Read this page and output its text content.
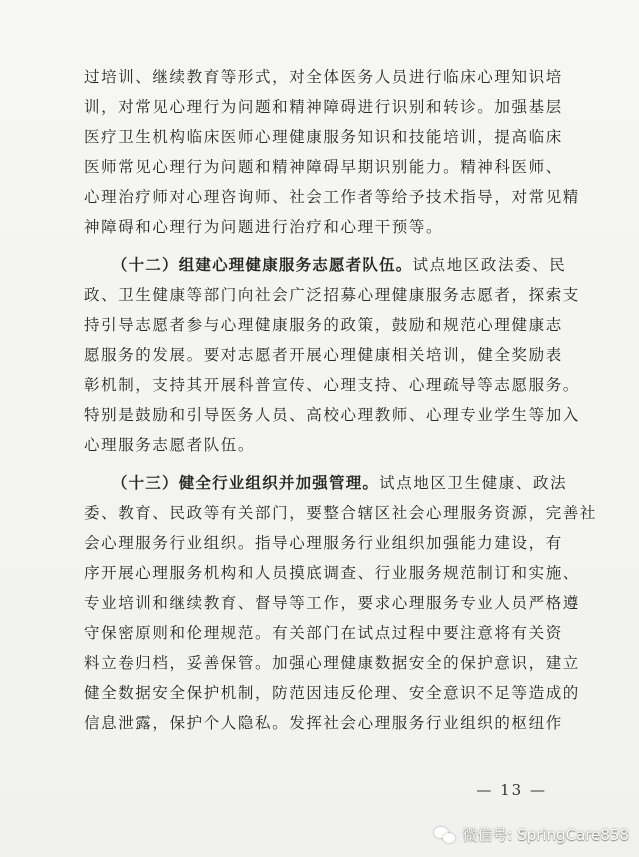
过培训、继续教育等形式，对全体医务人员进行临床心理知识培
训，对常见心理行为问题和精神障碍进行识别和转诊。加强基层
医疗卫生机构临床医师心理健康服务知识和技能培训，提高临床
医师常见心理行为问题和精神障碍早期识别能力。精神科医师、
心理治疗师对心理咨询师、社会工作者等给予技术指导，对常见精
神障碍和心理行为问题进行治疗和心理干预等。
（十二）组建心理健康服务志愿者队伍。试点地区政法委、民
政、卫生健康等部门向社会广泛招募心理健康服务志愿者，探索支
持引导志愿者参与心理健康服务的政策，鼓励和规范心理健康志
愿服务的发展。要对志愿者开展心理健康相关培训，健全奖励表
彰机制，支持其开展科普宣传、心理支持、心理疏导等志愿服务。
特别是鼓励和引导医务人员、高校心理教师、心理专业学生等加入
心理服务志愿者队伍。
（十三）健全行业组织并加强管理。试点地区卫生健康、政法
委、教育、民政等有关部门，要整合辖区社会心理服务资源，完善社
会心理服务行业组织。指导心理服务行业组织加强能力建设，有
序开展心理服务机构和人员摸底调查、行业服务规范制订和实施、
专业培训和继续教育、督导等工作，要求心理服务专业人员严格遵
守保密原则和伦理规范。有关部门在试点过程中要注意将有关资
料立卷归档，妥善保管。加强心理健康数据安全的保护意识，建立
健全数据安全保护机制，防范因违反伦理、安全意识不足等造成的
信息泄露，保护个人隐私。发挥社会心理服务行业组织的枢纽作
— 13 —
微信号: SpringCare858
